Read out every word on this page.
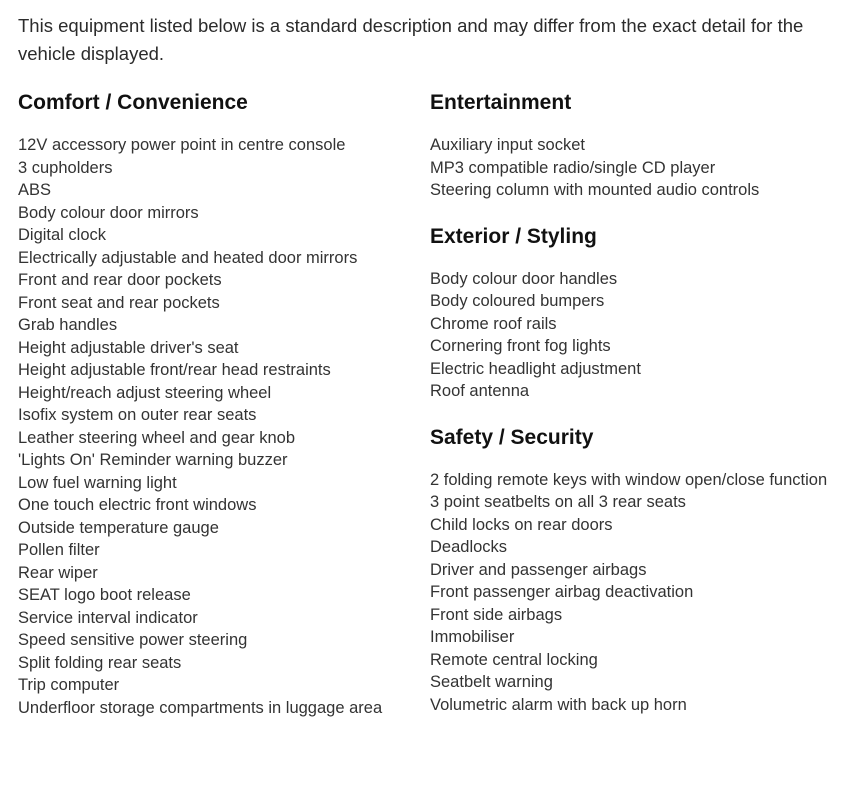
This equipment listed below is a standard description and may differ from the exact detail for the vehicle displayed.

Comfort / Convenience
12V accessory power point in centre console
3 cupholders
ABS
Body colour door mirrors
Digital clock
Electrically adjustable and heated door mirrors
Front and rear door pockets
Front seat and rear pockets
Grab handles
Height adjustable driver's seat
Height adjustable front/rear head restraints
Height/reach adjust steering wheel
Isofix system on outer rear seats
Leather steering wheel and gear knob
'Lights On' Reminder warning buzzer
Low fuel warning light
One touch electric front windows
Outside temperature gauge
Pollen filter
Rear wiper
SEAT logo boot release
Service interval indicator
Speed sensitive power steering
Split folding rear seats
Trip computer
Underfloor storage compartments in luggage area
Entertainment
Auxiliary input socket
MP3 compatible radio/single CD player
Steering column with mounted audio controls
Exterior / Styling
Body colour door handles
Body coloured bumpers
Chrome roof rails
Cornering front fog lights
Electric headlight adjustment
Roof antenna
Safety / Security
2 folding remote keys with window open/close function
3 point seatbelts on all 3 rear seats
Child locks on rear doors
Deadlocks
Driver and passenger airbags
Front passenger airbag deactivation
Front side airbags
Immobiliser
Remote central locking
Seatbelt warning
Volumetric alarm with back up horn
